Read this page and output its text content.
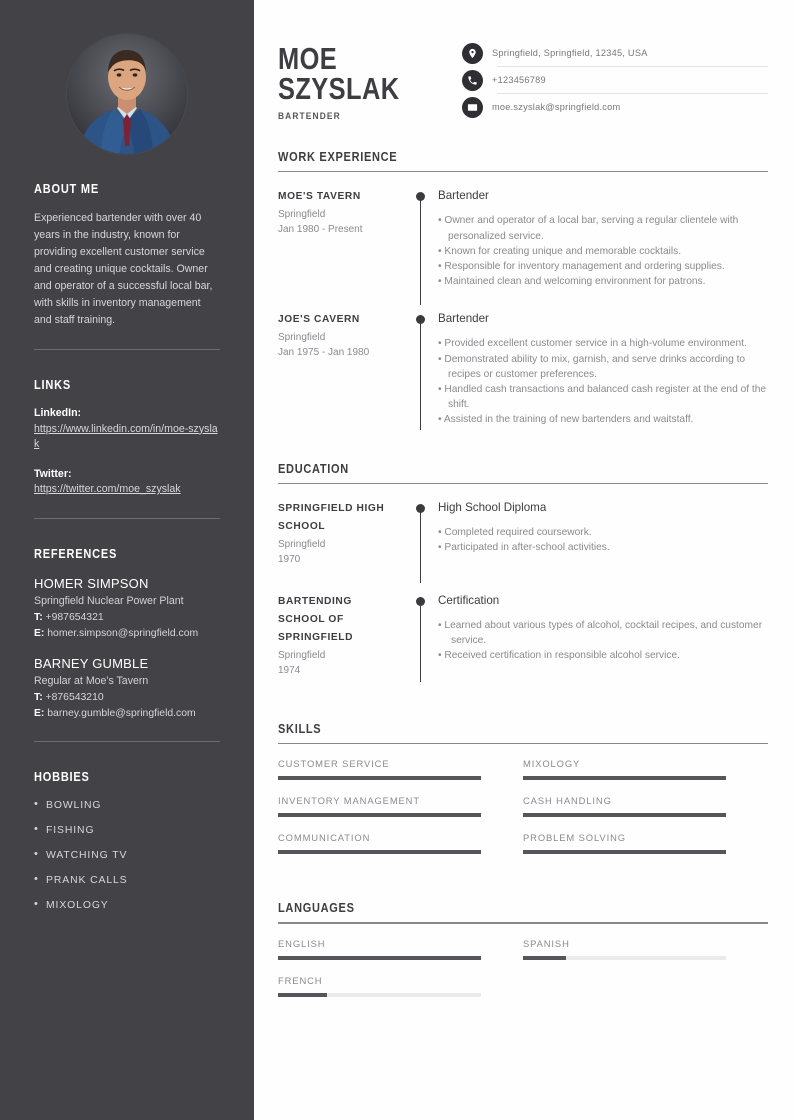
ABOUT ME

Experienced bartender with over 40 years in the industry, known for providing excellent customer service and creating unique cocktails. Owner and operator of a successful local bar, with skills in inventory management and staff training.

LINKS
LinkedIn:
https://www.linkedin.com/in/moe-szyslak
Twitter:
https://twitter.com/moe_szyslak
REFERENCES
HOMER SIMPSON
Springfield Nuclear Power Plant
T: +987654321
E: homer.simpson@springfield.com
BARNEY GUMBLE
Regular at Moe's Tavern
T: +876543210
E: barney.gumble@springfield.com
HOBBIES
• BOWLING
• FISHING
• WATCHING TV
• PRANK CALLS
• MIXOLOGY
MOE
SZYSLAK
BARTENDER
Springfield, Springfield, 12345, USA
+123456789
moe.szyslak@springfield.com
WORK EXPERIENCE
MOE'S TAVERN
Springfield
Jan 1980 - Present
Bartender
• Owner and operator of a local bar, serving a regular clientele with personalized service.
• Known for creating unique and memorable cocktails.
• Responsible for inventory management and ordering supplies.
• Maintained clean and welcoming environment for patrons.
JOE'S CAVERN
Springfield
Jan 1975 - Jan 1980
Bartender
• Provided excellent customer service in a high-volume environment.
• Demonstrated ability to mix, garnish, and serve drinks according to recipes or customer preferences.
• Handled cash transactions and balanced cash register at the end of the shift.
• Assisted in the training of new bartenders and waitstaff.
EDUCATION
SPRINGFIELD HIGH SCHOOL
Springfield
1970
High School Diploma
• Completed required coursework.
• Participated in after-school activities.
BARTENDING SCHOOL OF SPRINGFIELD
Springfield
1974
Certification
• Learned about various types of alcohol, cocktail recipes, and customer service.
• Received certification in responsible alcohol service.
SKILLS
CUSTOMER SERVICE	MIXOLOGY
INVENTORY MANAGEMENT	CASH HANDLING
COMMUNICATION	PROBLEM SOLVING
LANGUAGES
ENGLISH	SPANISH
FRENCH
